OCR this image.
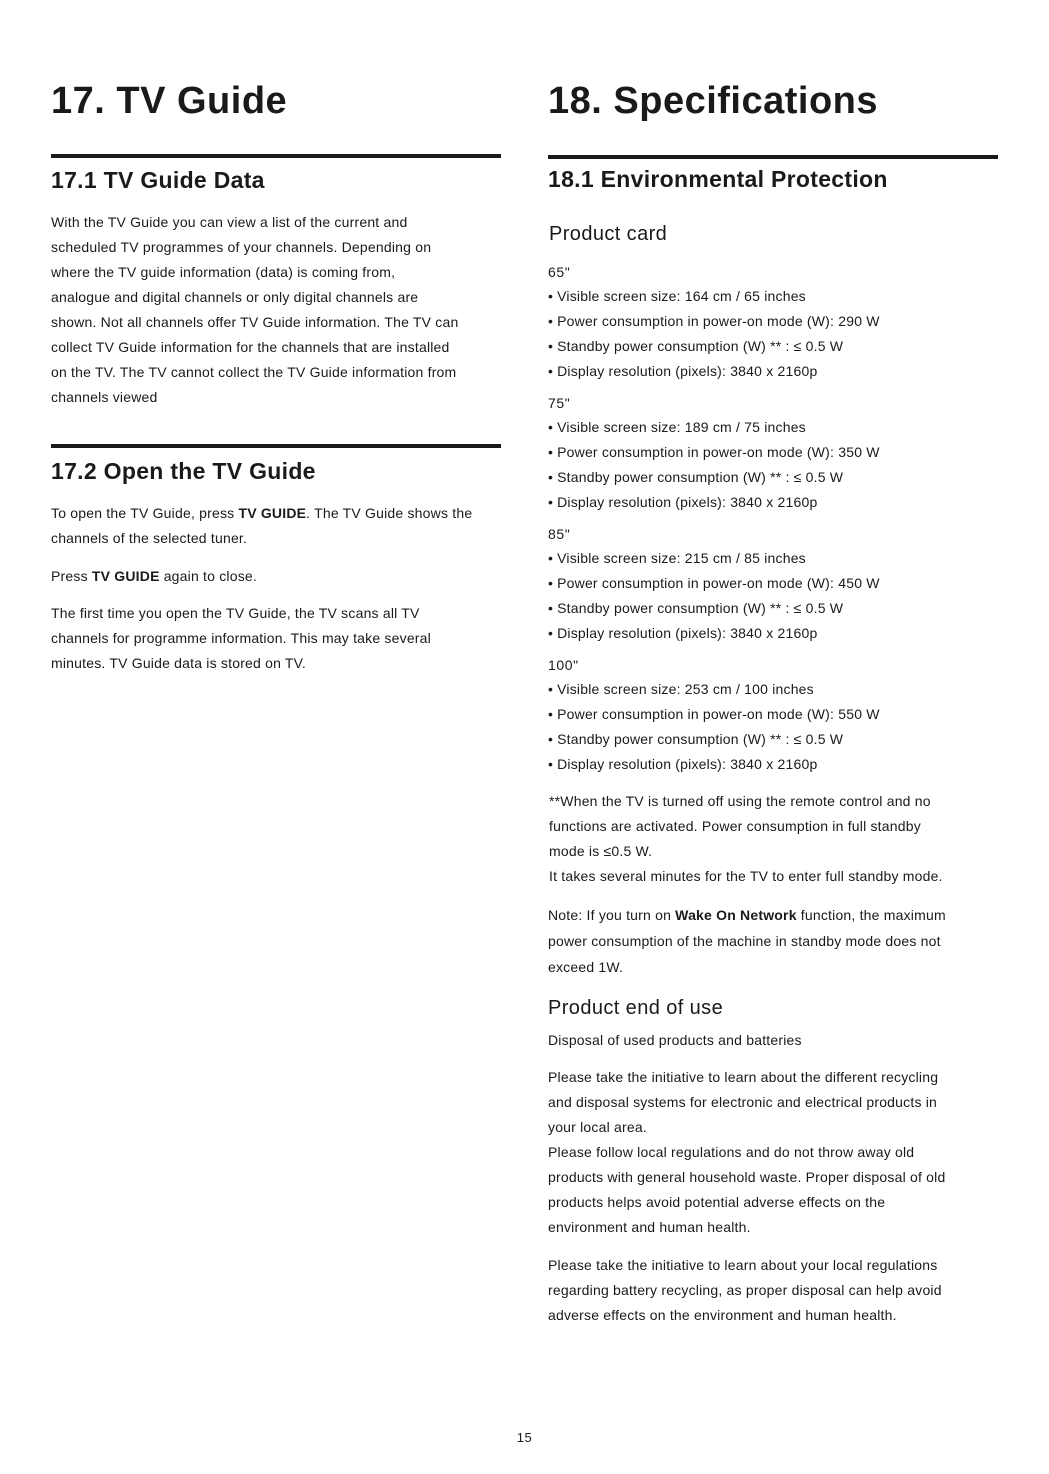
17. TV Guide
17.1 TV Guide Data
With the TV Guide you can view a list of the current and
scheduled TV programmes of your channels. Depending on
where the TV guide information (data) is coming from,
analogue and digital channels or only digital channels are
shown. Not all channels offer TV Guide information. The TV can
collect TV Guide information for the channels that are installed
on the TV. The TV cannot collect the TV Guide information from
channels viewed
17.2 Open the TV Guide
To open the TV Guide, press TV GUIDE. The TV Guide shows the
channels of the selected tuner.
Press TV GUIDE again to close.
The first time you open the TV Guide, the TV scans all TV
channels for programme information. This may take several
minutes. TV Guide data is stored on TV.
18. Specifications
18.1 Environmental Protection
Product card

65"

• Visible screen size: 164 cm / 65 inches
• Power consumption in power-on mode (W): 290 W
• Standby power consumption (W) ** : ≤ 0.5 W
• Display resolution (pixels): 3840 x 2160p

75"

• Visible screen size: 189 cm / 75 inches
• Power consumption in power-on mode (W): 350 W
• Standby power consumption (W) ** : ≤ 0.5 W
• Display resolution (pixels): 3840 x 2160p

85"

• Visible screen size: 215 cm / 85 inches
• Power consumption in power-on mode (W): 450 W
• Standby power consumption (W) ** : ≤ 0.5 W
• Display resolution (pixels): 3840 x 2160p

100"

• Visible screen size: 253 cm / 100 inches
• Power consumption in power-on mode (W): 550 W
• Standby power consumption (W) ** : ≤ 0.5 W
• Display resolution (pixels): 3840 x 2160p
**When the TV is turned off using the remote control and no
functions are activated. Power consumption in full standby
mode is ≤0.5 W.
It takes several minutes for the TV to enter full standby mode.
Note: If you turn on Wake On Network function, the maximum
power consumption of the machine in standby mode does not
exceed 1W.
Product end of use
Disposal of used products and batteries
Please take the initiative to learn about the different recycling
and disposal systems for electronic and electrical products in
your local area.
Please follow local regulations and do not throw away old
products with general household waste. Proper disposal of old
products helps avoid potential adverse effects on the
environment and human health.
Please take the initiative to learn about your local regulations
regarding battery recycling, as proper disposal can help avoid
adverse effects on the environment and human health.
15
